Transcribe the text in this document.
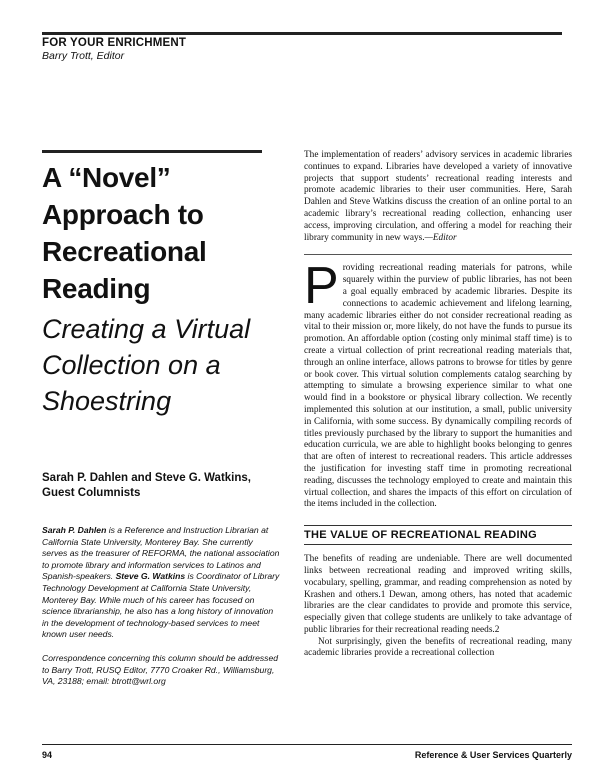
FOR YOUR ENRICHMENT
Barry Trott, Editor
A “Novel” Approach to Recreational Reading
Creating a Virtual Collection on a Shoestring
Sarah P. Dahlen and Steve G. Watkins, Guest Columnists
Sarah P. Dahlen is a Reference and Instruction Librarian at California State University, Monterey Bay. She currently serves as the treasurer of REFORMA, the national association to promote library and information services to Latinos and Spanish-speakers. Steve G. Watkins is Coordinator of Library Technology Development at California State University, Monterey Bay. While much of his career has focused on science librarianship, he also has a long history of innovation in the development of technology-based services to meet known user needs.
Correspondence concerning this column should be addressed to Barry Trott, RUSQ Editor, 7770 Croaker Rd., Williamsburg, VA, 23188; email: btrott@wrl.org

The implementation of readers’ advisory services in academic libraries continues to expand. Libraries have developed a variety of innovative projects that support students’ recreational reading interests and promote academic libraries to their user communities. Here, Sarah Dahlen and Steve Watkins discuss the creation of an online portal to an academic library’s recreational reading collection, enhancing user access, improving circulation, and offering a model for reaching their library community in new ways.—Editor

Providing recreational reading materials for patrons, while squarely within the purview of public libraries, has not been a goal equally embraced by academic libraries. Despite its connections to academic achievement and lifelong learning, many academic libraries either do not consider recreational reading as vital to their mission or, more likely, do not have the funds to pursue its promotion. An affordable option (costing only minimal staff time) is to create a virtual collection of print recreational reading materials that, through an online interface, allows patrons to browse for titles by genre or book cover. This virtual solution complements catalog searching by attempting to simulate a browsing experience similar to what one would find in a bookstore or physical library collection. We recently implemented this solution at our institution, a small, public university in California, with some success. By dynamically compiling records of titles previously purchased by the library to support the humanities and education curricula, we are able to highlight books belonging to genres that are often of interest to recreational readers. This article addresses the justification for investing staff time in promoting recreational reading, discusses the technology employed to create and maintain this virtual collection, and shares the impacts of this effort on circulation of the items included in the collection.

THE VALUE OF RECREATIONAL READING

The benefits of reading are undeniable. There are well documented links between recreational reading and improved writing skills, vocabulary, spelling, grammar, and reading comprehension as noted by Krashen and others.1 Dewan, among others, has noted that academic libraries are the clear candidates to provide and promote this service, especially given that college students are unlikely to take advantage of public libraries for their recreational reading needs.2

Not surprisingly, given the benefits of recreational reading, many academic libraries provide a recreational collection

94	Reference & User Services Quarterly
